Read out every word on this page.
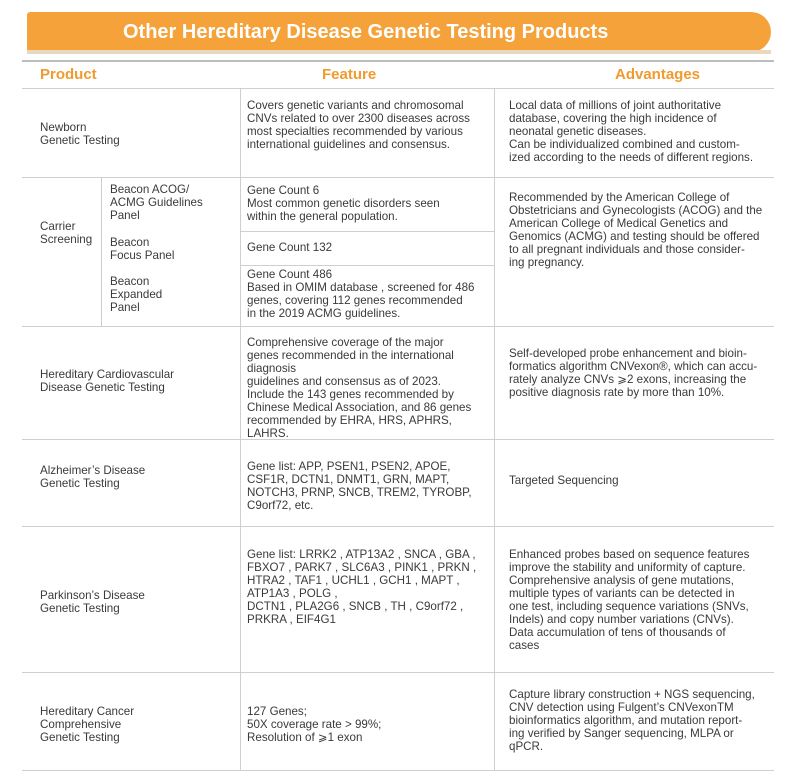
Other Hereditary Disease Genetic Testing Products
Product	Feature	Advantages

Newborn
Genetic Testing

Covers genetic variants and chromosomal
CNVs related to over 2300 diseases across
most specialties recommended by various
international guidelines and consensus.

Local data of millions of joint authoritative
database, covering the high incidence of
neonatal genetic diseases.
Can be individualized combined and custom-
ized according to the needs of different regions.

Carrier
Screening

Beacon ACOG/
ACMG Guidelines
Panel

Gene Count 6
Most common genetic disorders seen
within the general population.

Beacon
Focus Panel

Gene Count 132

Beacon
Expanded
Panel

Gene Count 486
Based in OMIM database , screened for 486
genes, covering 112 genes recommended
in the 2019 ACMG guidelines.

Recommended by the American College of
Obstetricians and Gynecologists (ACOG) and the
American College of Medical Genetics and
Genomics (ACMG) and testing should be offered
to all pregnant individuals and those consider-
ing pregnancy.

Hereditary Cardiovascular
Disease Genetic Testing

Comprehensive coverage of the major
genes recommended in the international
diagnosis
guidelines and consensus as of 2023.
Include the 143 genes recommended by
Chinese Medical Association, and 86 genes
recommended by EHRA, HRS, APHRS,
LAHRS.

Self-developed probe enhancement and bioin-
formatics algorithm CNVexon®, which can accu-
rately analyze CNVs ⩾2 exons, increasing the
positive diagnosis rate by more than 10%.

Alzheimer’s Disease
Genetic Testing

Gene list: APP, PSEN1, PSEN2, APOE,
CSF1R, DCTN1, DNMT1, GRN, MAPT,
NOTCH3, PRNP, SNCB, TREM2, TYROBP,
C9orf72, etc.

Targeted Sequencing

Parkinson’s Disease
Genetic Testing

Gene list: LRRK2 , ATP13A2 , SNCA , GBA ,
FBXO7 , PARK7 , SLC6A3 , PINK1 , PRKN ,
HTRA2 , TAF1 , UCHL1 , GCH1 , MAPT ,
ATP1A3 , POLG ,
DCTN1 , PLA2G6 , SNCB , TH , C9orf72 ,
PRKRA , EIF4G1

Enhanced probes based on sequence features
improve the stability and uniformity of capture.
Comprehensive analysis of gene mutations,
multiple types of variants can be detected in
one test, including sequence variations (SNVs,
Indels) and copy number variations (CNVs).
Data accumulation of tens of thousands of
cases

Hereditary Cancer
Comprehensive
Genetic Testing

127 Genes;
50X coverage rate > 99%;
Resolution of ⩾1 exon

Capture library construction + NGS sequencing,
CNV detection using Fulgent’s CNVexonTM
bioinformatics algorithm, and mutation report-
ing verified by Sanger sequencing, MLPA or
qPCR.
